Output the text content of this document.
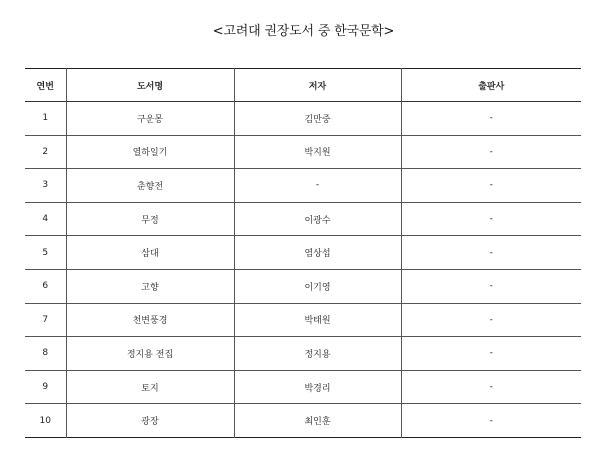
<고려대 권장도서 중 한국문학>
연번	도서명	저자	출판사
1	구운몽	김만중	-
2	열하일기	박지원	-
3	춘향전	-	-
4	무정	이광수	-
5	삼대	염상섭	-
6	고향	이기영	-
7	천변풍경	박태원	-
8	정지용 전집	정지용	-
9	토지	박경리	-
10	광장	최인훈	-
